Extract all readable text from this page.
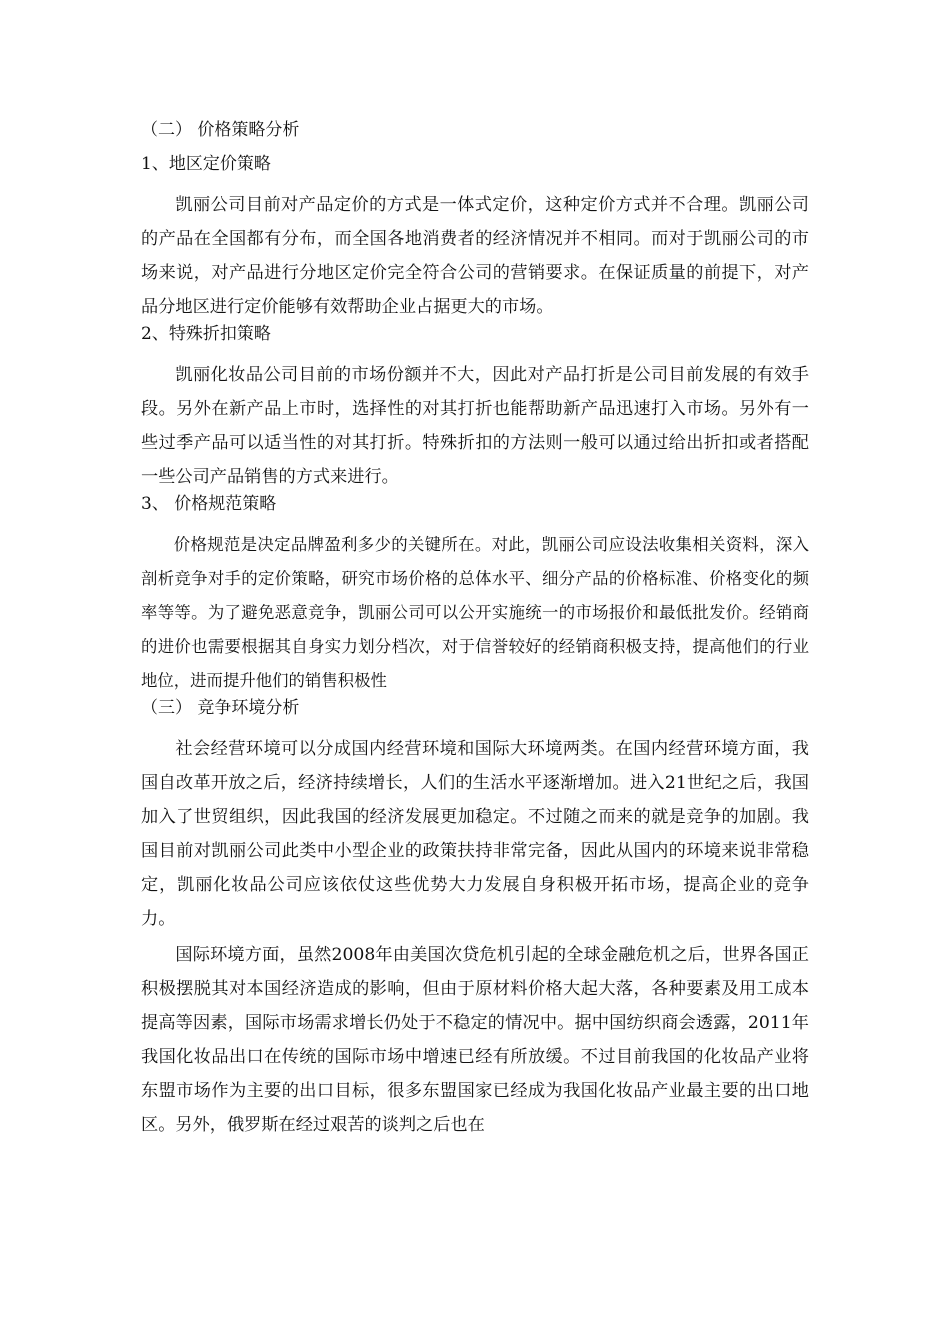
（二） 价格策略分析
1、地区定价策略

凯丽公司目前对产品定价的方式是一体式定价，这种定价方式并不合理。凯丽公司的产品在全国都有分布，而全国各地消费者的经济情况并不相同。而对于凯丽公司的市场来说，对产品进行分地区定价完全符合公司的营销要求。在保证质量的前提下，对产品分地区进行定价能够有效帮助企业占据更大的市场。

2、特殊折扣策略

凯丽化妆品公司目前的市场份额并不大，因此对产品打折是公司目前发展的有效手段。另外在新产品上市时，选择性的对其打折也能帮助新产品迅速打入市场。另外有一些过季产品可以适当性的对其打折。特殊折扣的方法则一般可以通过给出折扣或者搭配一些公司产品销售的方式来进行。

3、 价格规范策略

价格规范是决定品牌盈利多少的关键所在。对此，凯丽公司应设法收集相关资料，深入剖析竞争对手的定价策略，研究市场价格的总体水平、细分产品的价格标准、价格变化的频率等等。为了避免恶意竞争，凯丽公司可以公开实施统一的市场报价和最低批发价。经销商的进价也需要根据其自身实力划分档次，对于信誉较好的经销商积极支持，提高他们的行业地位，进而提升他们的销售积极性

（三） 竞争环境分析

社会经营环境可以分成国内经营环境和国际大环境两类。在国内经营环境方面，我国自改革开放之后，经济持续增长，人们的生活水平逐渐增加。进入21世纪之后，我国加入了世贸组织，因此我国的经济发展更加稳定。不过随之而来的就是竞争的加剧。我国目前对凯丽公司此类中小型企业的政策扶持非常完备，因此从国内的环境来说非常稳定，凯丽化妆品公司应该依仗这些优势大力发展自身积极开拓市场，提高企业的竞争力。

国际环境方面，虽然2008年由美国次贷危机引起的全球金融危机之后，世界各国正积极摆脱其对本国经济造成的影响，但由于原材料价格大起大落，各种要素及用工成本提高等因素，国际市场需求增长仍处于不稳定的情况中。据中国纺织商会透露，2011年我国化妆品出口在传统的国际市场中增速已经有所放缓。不过目前我国的化妆品产业将东盟市场作为主要的出口目标，很多东盟国家已经成为我国化妆品产业最主要的出口地区。另外，俄罗斯在经过艰苦的谈判之后也在
